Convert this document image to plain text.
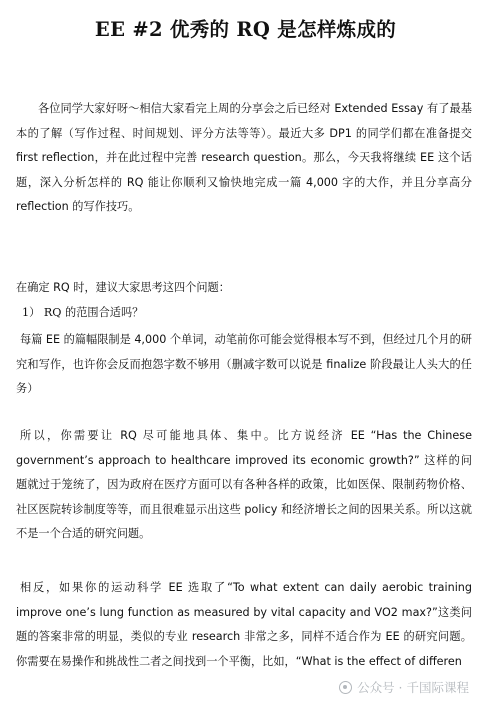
EE #2 优秀的 RQ 是怎样炼成的

各位同学大家好呀～相信大家看完上周的分享会之后已经对 Extended Essay 有了最基本的了解（写作过程、时间规划、评分方法等等）。最近大多 DP1 的同学们都在准备提交 first reflection，并在此过程中完善 research question。那么，今天我将继续 EE 这个话题，深入分析怎样的 RQ 能让你顺利又愉快地完成一篇 4,000 字的大作，并且分享高分 reflection 的写作技巧。

在确定 RQ 时，建议大家思考这四个问题：

1） RQ 的范围合适吗？

每篇 EE 的篇幅限制是 4,000 个单词，动笔前你可能会觉得根本写不到，但经过几个月的研究和写作，也许你会反而抱怨字数不够用（删减字数可以说是 finalize 阶段最让人头大的任务）

所以，你需要让 RQ 尽可能地具体、集中。比方说经济 EE “Has the Chinese government’s approach to healthcare improved its economic growth?” 这样的问题就过于笼统了，因为政府在医疗方面可以有各种各样的政策，比如医保、限制药物价格、社区医院转诊制度等等，而且很难显示出这些 policy 和经济增长之间的因果关系。所以这就不是一个合适的研究问题。

相反，如果你的运动科学 EE 选取了“To what extent can daily aerobic training improve one’s lung function as measured by vital capacity and VO2 max?”这类问题的答案非常的明显，类似的专业 research 非常之多，同样不适合作为 EE 的研究问题。 你需要在易操作和挑战性二者之间找到一个平衡，比如，“What is the effect of differen

公众号 · 千国际课程
